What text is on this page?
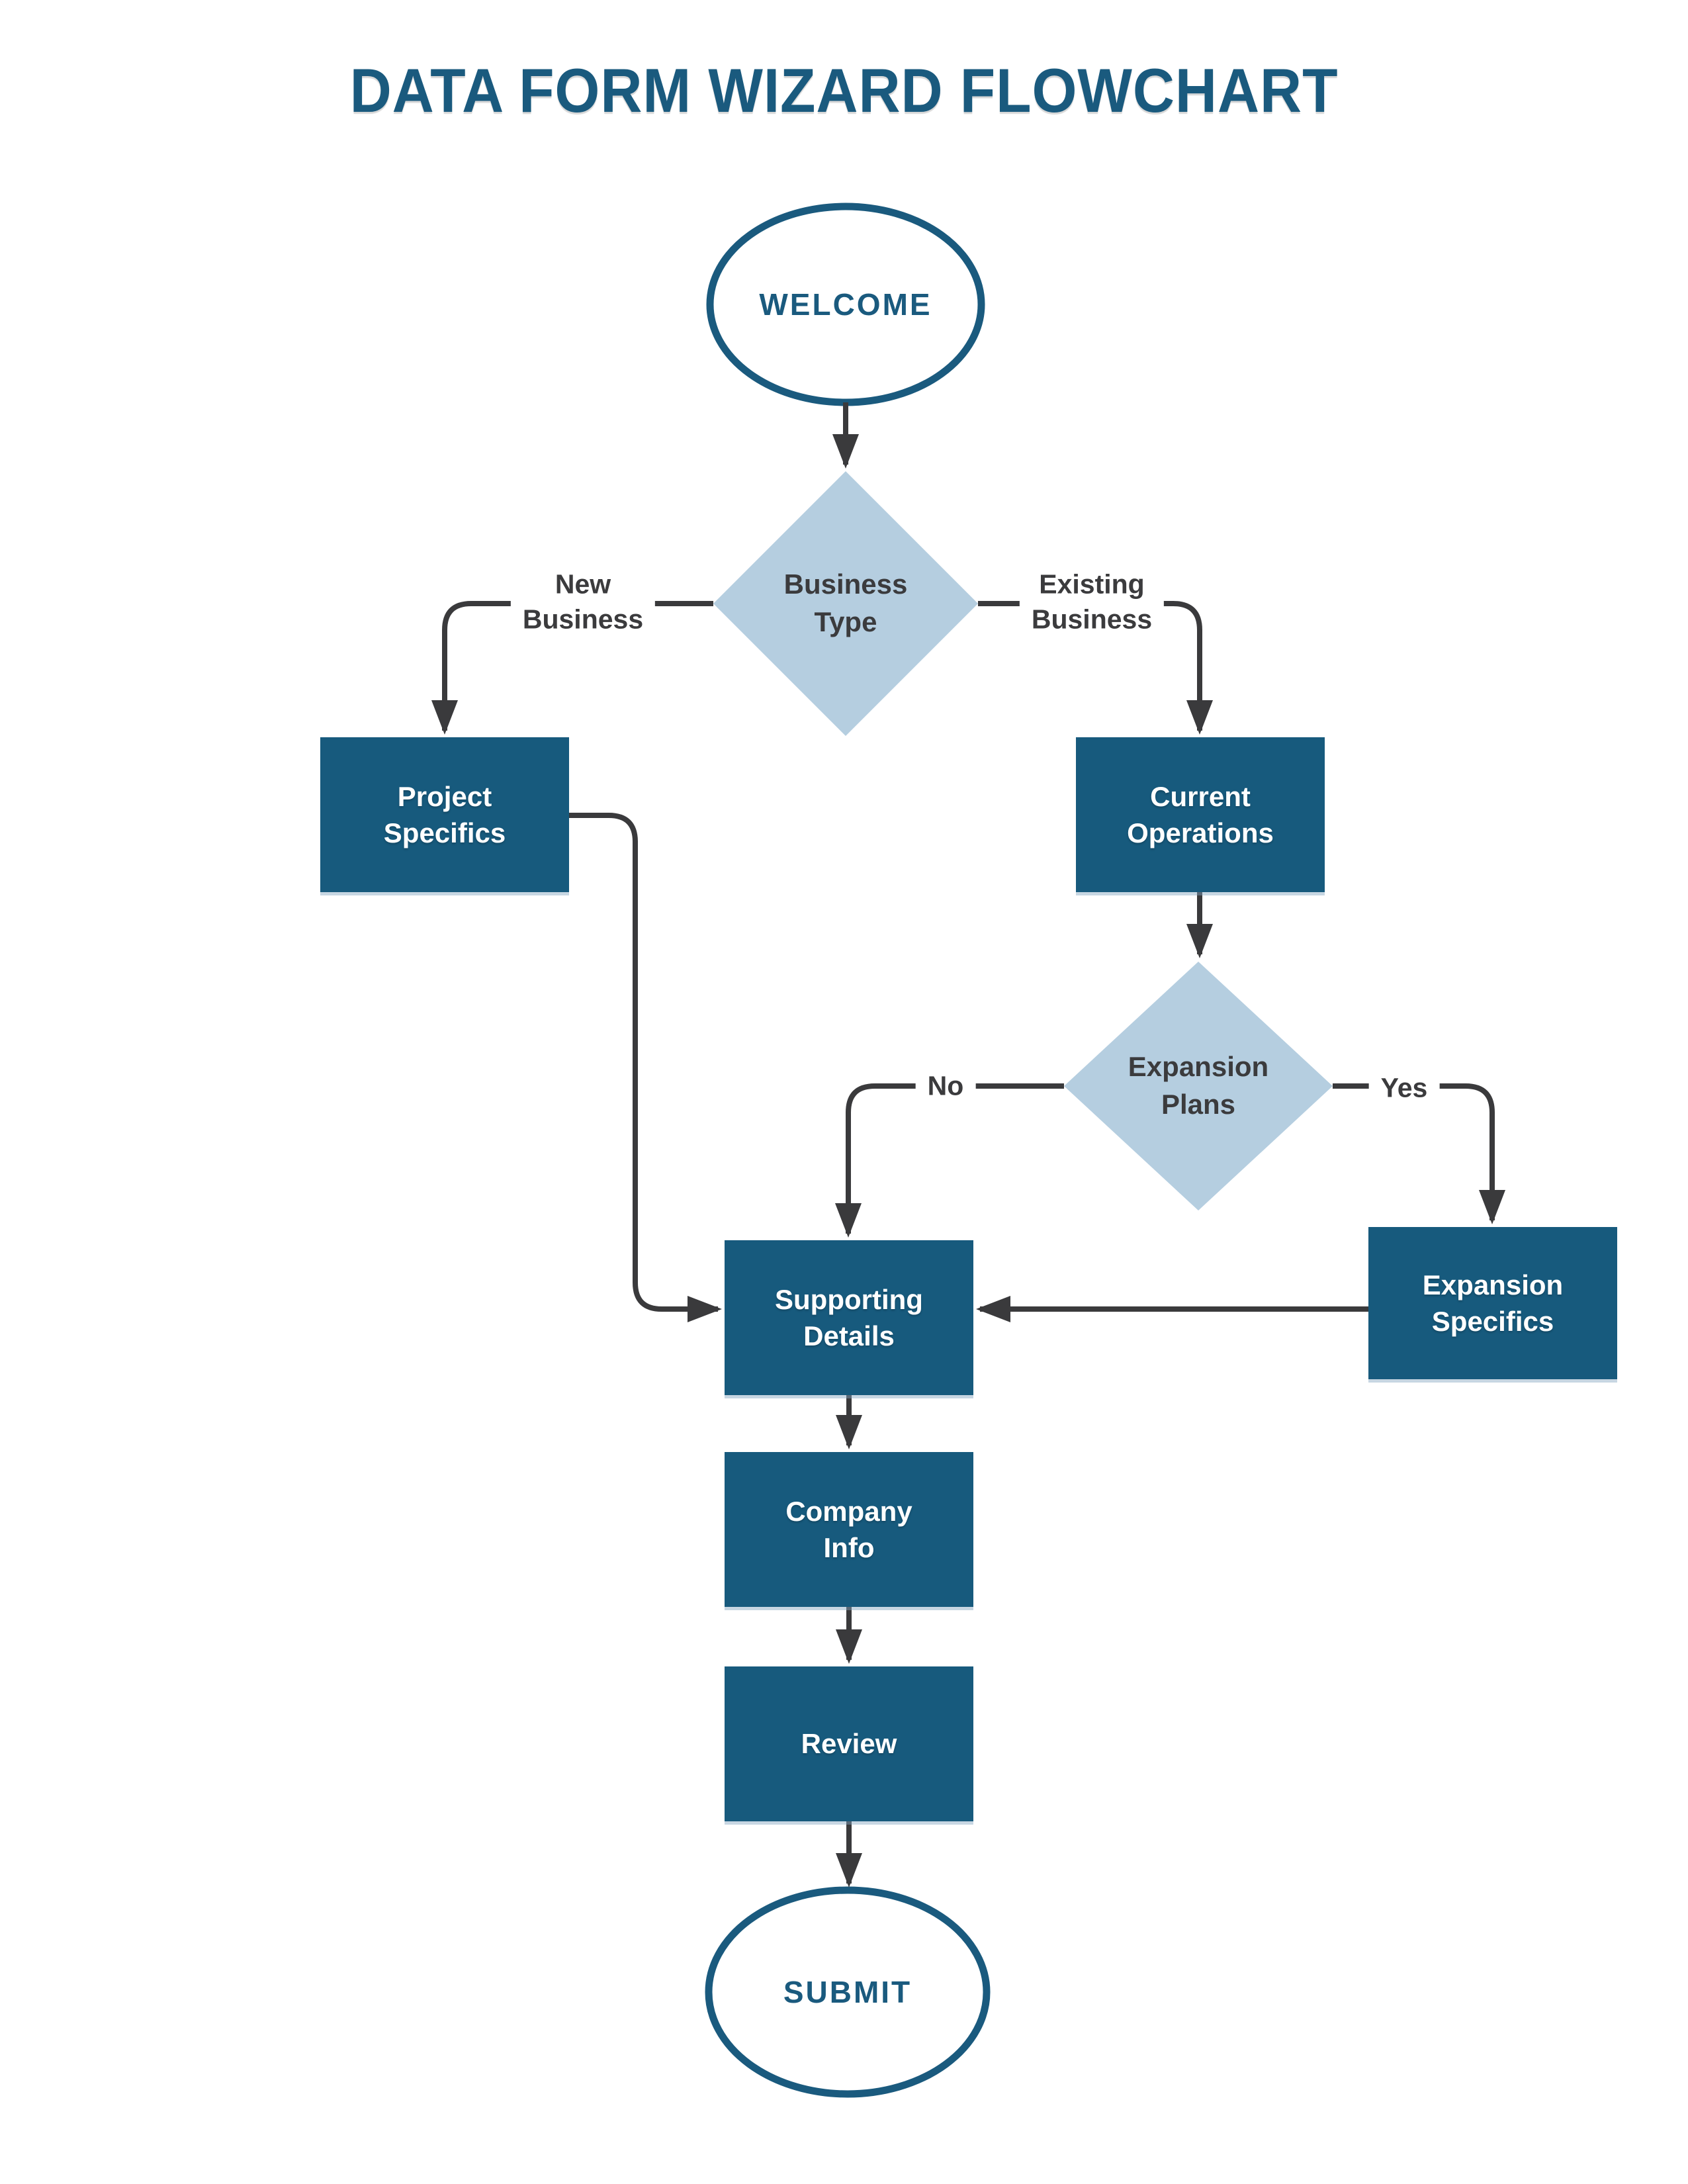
DATA FORM WIZARD FLOWCHART
WELCOME
SUBMIT
Business
Type
Expansion
Plans
Project
Specifics
Current
Operations
Supporting
Details
Expansion
Specifics
Company
Info
Review
New
Business
Existing
Business
No	Yes
